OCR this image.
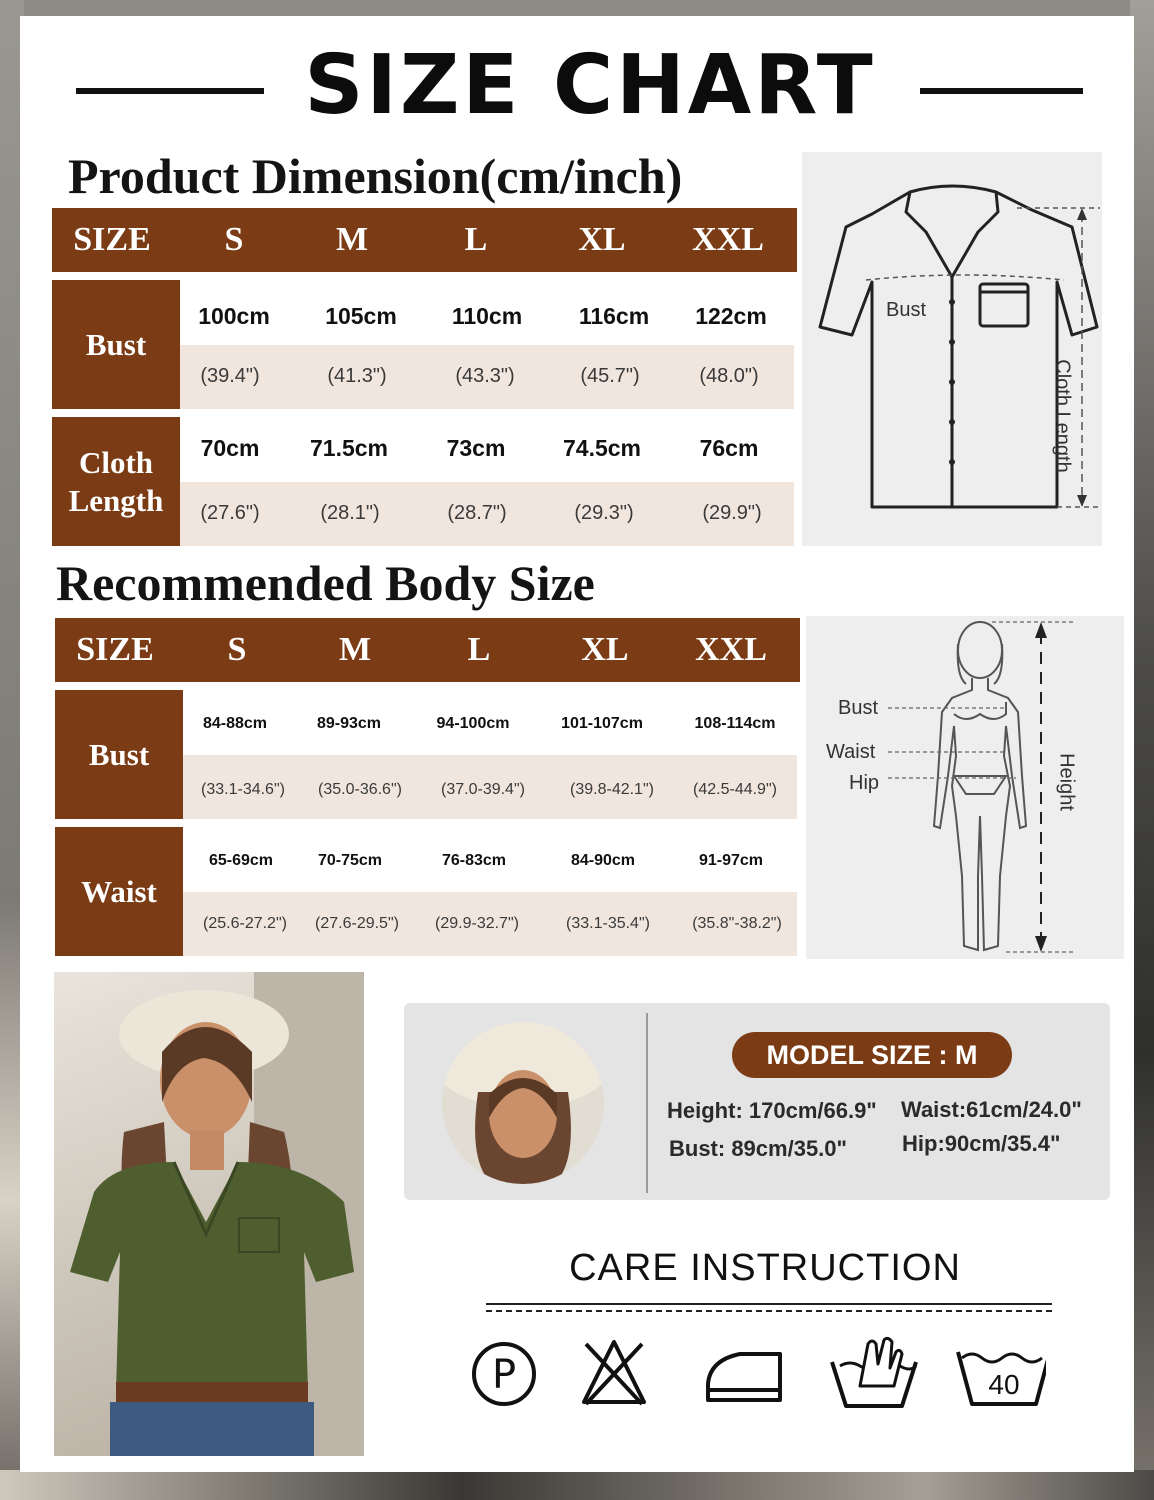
SIZE CHART
Product Dimension(cm/inch)
SIZE	S	M	L	XL	XXL
Bust
100cm	105cm	110cm	116cm	122cm
(39.4")	(41.3")	(43.3")	(45.7")	(48.0")
Cloth Length
70cm	71.5cm	73cm	74.5cm	76cm
(27.6")	(28.1")	(28.7")	(29.3")	(29.9")
Bust
Cloth Length
Recommended Body Size
SIZE	S	M	L	XL	XXL
Bust
84-88cm	89-93cm	94-100cm	101-107cm	108-114cm
(33.1-34.6")	(35.0-36.6")	(37.0-39.4")	(39.8-42.1")	(42.5-44.9")
Waist
65-69cm	70-75cm	76-83cm	84-90cm	91-97cm
(25.6-27.2")	(27.6-29.5")	(29.9-32.7")	(33.1-35.4")	(35.8"-38.2")
Bust
Waist
Hip	Height
MODEL SIZE : M
Height: 170cm/66.9" Waist:61cm/24.0"
Bust: 89cm/35.0"	Hip:90cm/35.4"
CARE INSTRUCTION
P	40
